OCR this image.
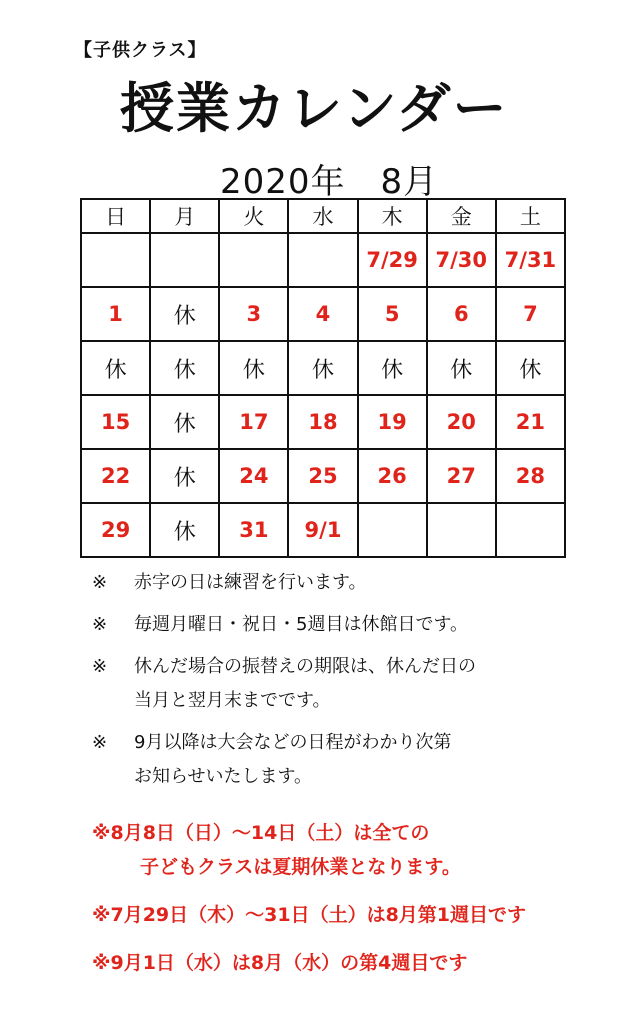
【子供クラス】
授業カレンダー
2020年　8月
日	月	火	水	木	金	土
				7/29	7/30	7/31
1	休	3	4	5	6	7
休	休	休	休	休	休	休
15	休	17	18	19	20	21
22	休	24	25	26	27	28
29	休	31	9/1			
※	赤字の日は練習を行います。
※	毎週月曜日・祝日・5週目は休館日です。
※	休んだ場合の振替えの期限は、休んだ日の
当月と翌月末までです。
※	9月以降は大会などの日程がわかり次第
お知らせいたします。
※8月8日（日）～14日（土）は全ての
子どもクラスは夏期休業となります。
※7月29日（木）～31日（土）は8月第1週目です
※9月1日（水）は8月（水）の第4週目です
